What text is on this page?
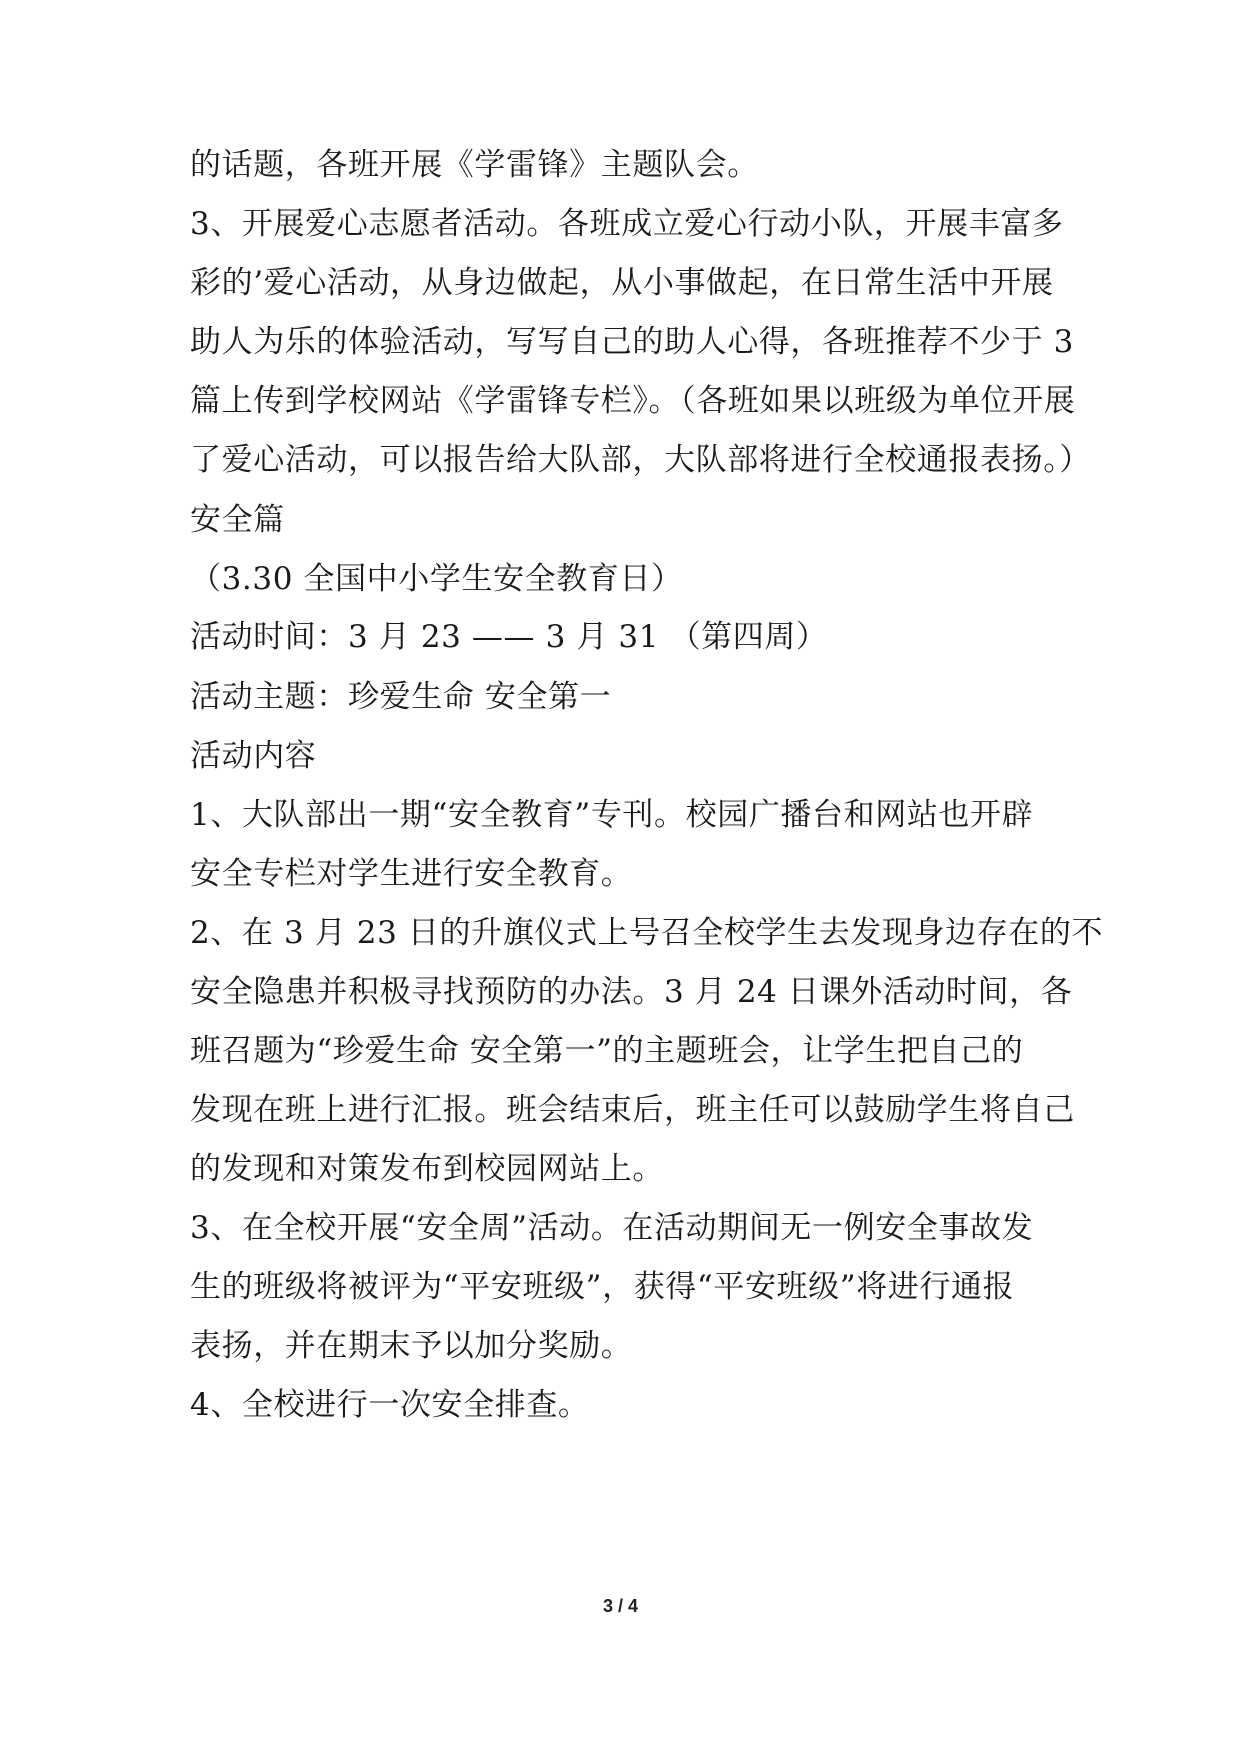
的话题，各班开展《学雷锋》主题队会。
3、开展爱心志愿者活动。各班成立爱心行动小队，开展丰富多
彩的’爱心活动，从身边做起，从小事做起，在日常生活中开展
助人为乐的体验活动，写写自己的助人心得，各班推荐不少于 3
篇上传到学校网站《学雷锋专栏》。（各班如果以班级为单位开展
了爱心活动，可以报告给大队部，大队部将进行全校通报表扬。）
安全篇
（3.30 全国中小学生安全教育日）
活动时间：3 月 23 —— 3 月 31 （第四周）
活动主题：珍爱生命 安全第一
活动内容
1、大队部出一期“安全教育”专刊。校园广播台和网站也开辟
安全专栏对学生进行安全教育。
2、在 3 月 23 日的升旗仪式上号召全校学生去发现身边存在的不
安全隐患并积极寻找预防的办法。3 月 24 日课外活动时间，各
班召题为“珍爱生命 安全第一”的主题班会，让学生把自己的
发现在班上进行汇报。班会结束后，班主任可以鼓励学生将自己
的发现和对策发布到校园网站上。
3、在全校开展“安全周”活动。在活动期间无一例安全事故发
生的班级将被评为“平安班级”，获得“平安班级”将进行通报
表扬，并在期末予以加分奖励。
4、全校进行一次安全排查。
3 / 4
